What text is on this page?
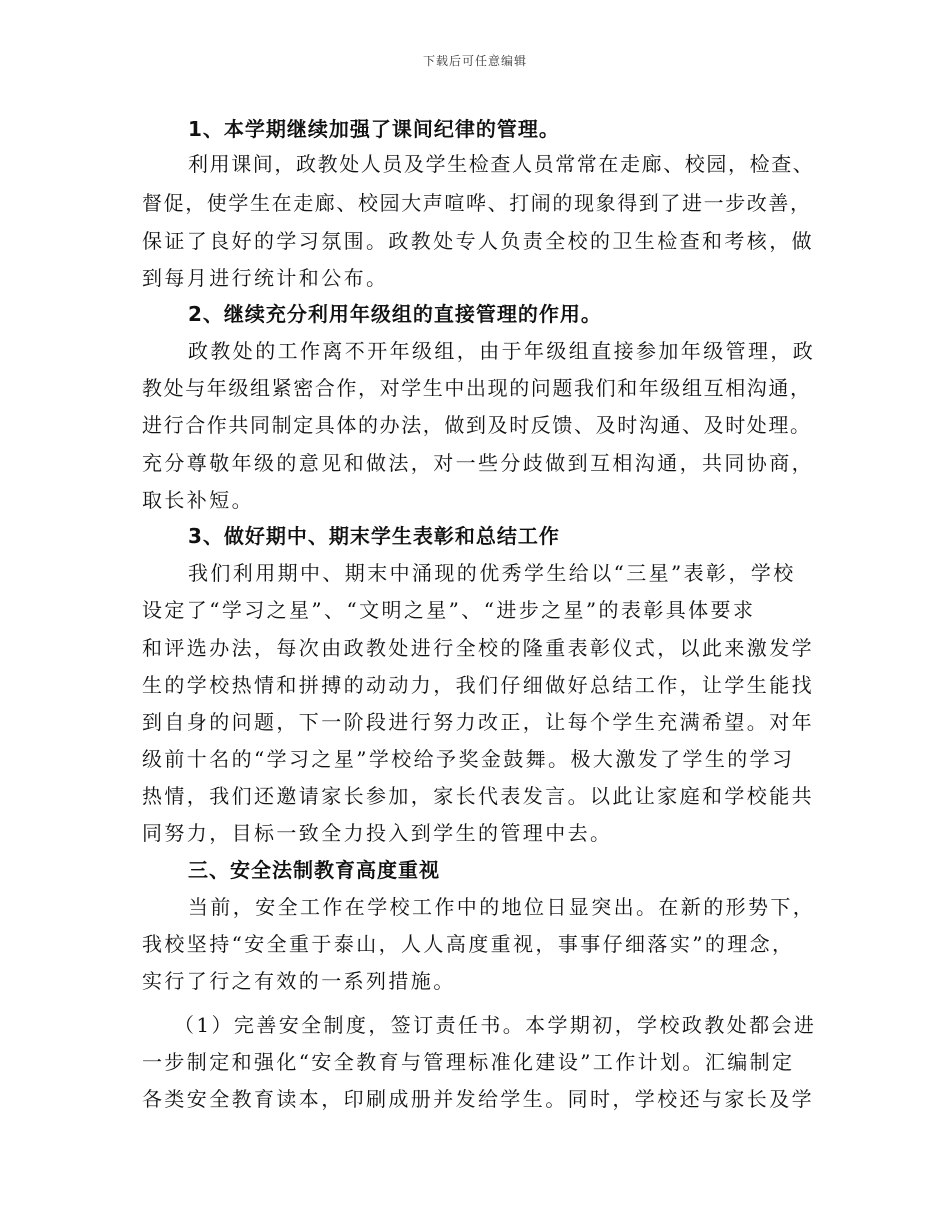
下载后可任意编辑
1、本学期继续加强了课间纪律的管理。
利用课间，政教处人员及学生检查人员常常在走廊、校园，检查、
督促，使学生在走廊、校园大声喧哗、打闹的现象得到了进一步改善，
保证了良好的学习氛围。政教处专人负责全校的卫生检查和考核，做
到每月进行统计和公布。
2、继续充分利用年级组的直接管理的作用。
政教处的工作离不开年级组，由于年级组直接参加年级管理，政
教处与年级组紧密合作，对学生中出现的问题我们和年级组互相沟通，
进行合作共同制定具体的办法，做到及时反馈、及时沟通、及时处理。
充分尊敬年级的意见和做法，对一些分歧做到互相沟通，共同协商，
取长补短。
3、做好期中、期末学生表彰和总结工作
我们利用期中、期末中涌现的优秀学生给以“三星”表彰，学校
设定了“学习之星”、“文明之星”、“进步之星”的表彰具体要求
和评选办法，每次由政教处进行全校的隆重表彰仪式，以此来激发学
生的学校热情和拼搏的动动力，我们仔细做好总结工作，让学生能找
到自身的问题，下一阶段进行努力改正，让每个学生充满希望。对年
级前十名的“学习之星”学校给予奖金鼓舞。极大激发了学生的学习
热情，我们还邀请家长参加，家长代表发言。以此让家庭和学校能共
同努力，目标一致全力投入到学生的管理中去。
三、安全法制教育高度重视
当前，安全工作在学校工作中的地位日显突出。在新的形势下，
我校坚持“安全重于泰山，人人高度重视，事事仔细落实”的理念，
实行了行之有效的一系列措施。
（1）完善安全制度，签订责任书。本学期初，学校政教处都会进
一步制定和强化“安全教育与管理标准化建设”工作计划。汇编制定
各类安全教育读本，印刷成册并发给学生。同时，学校还与家长及学
